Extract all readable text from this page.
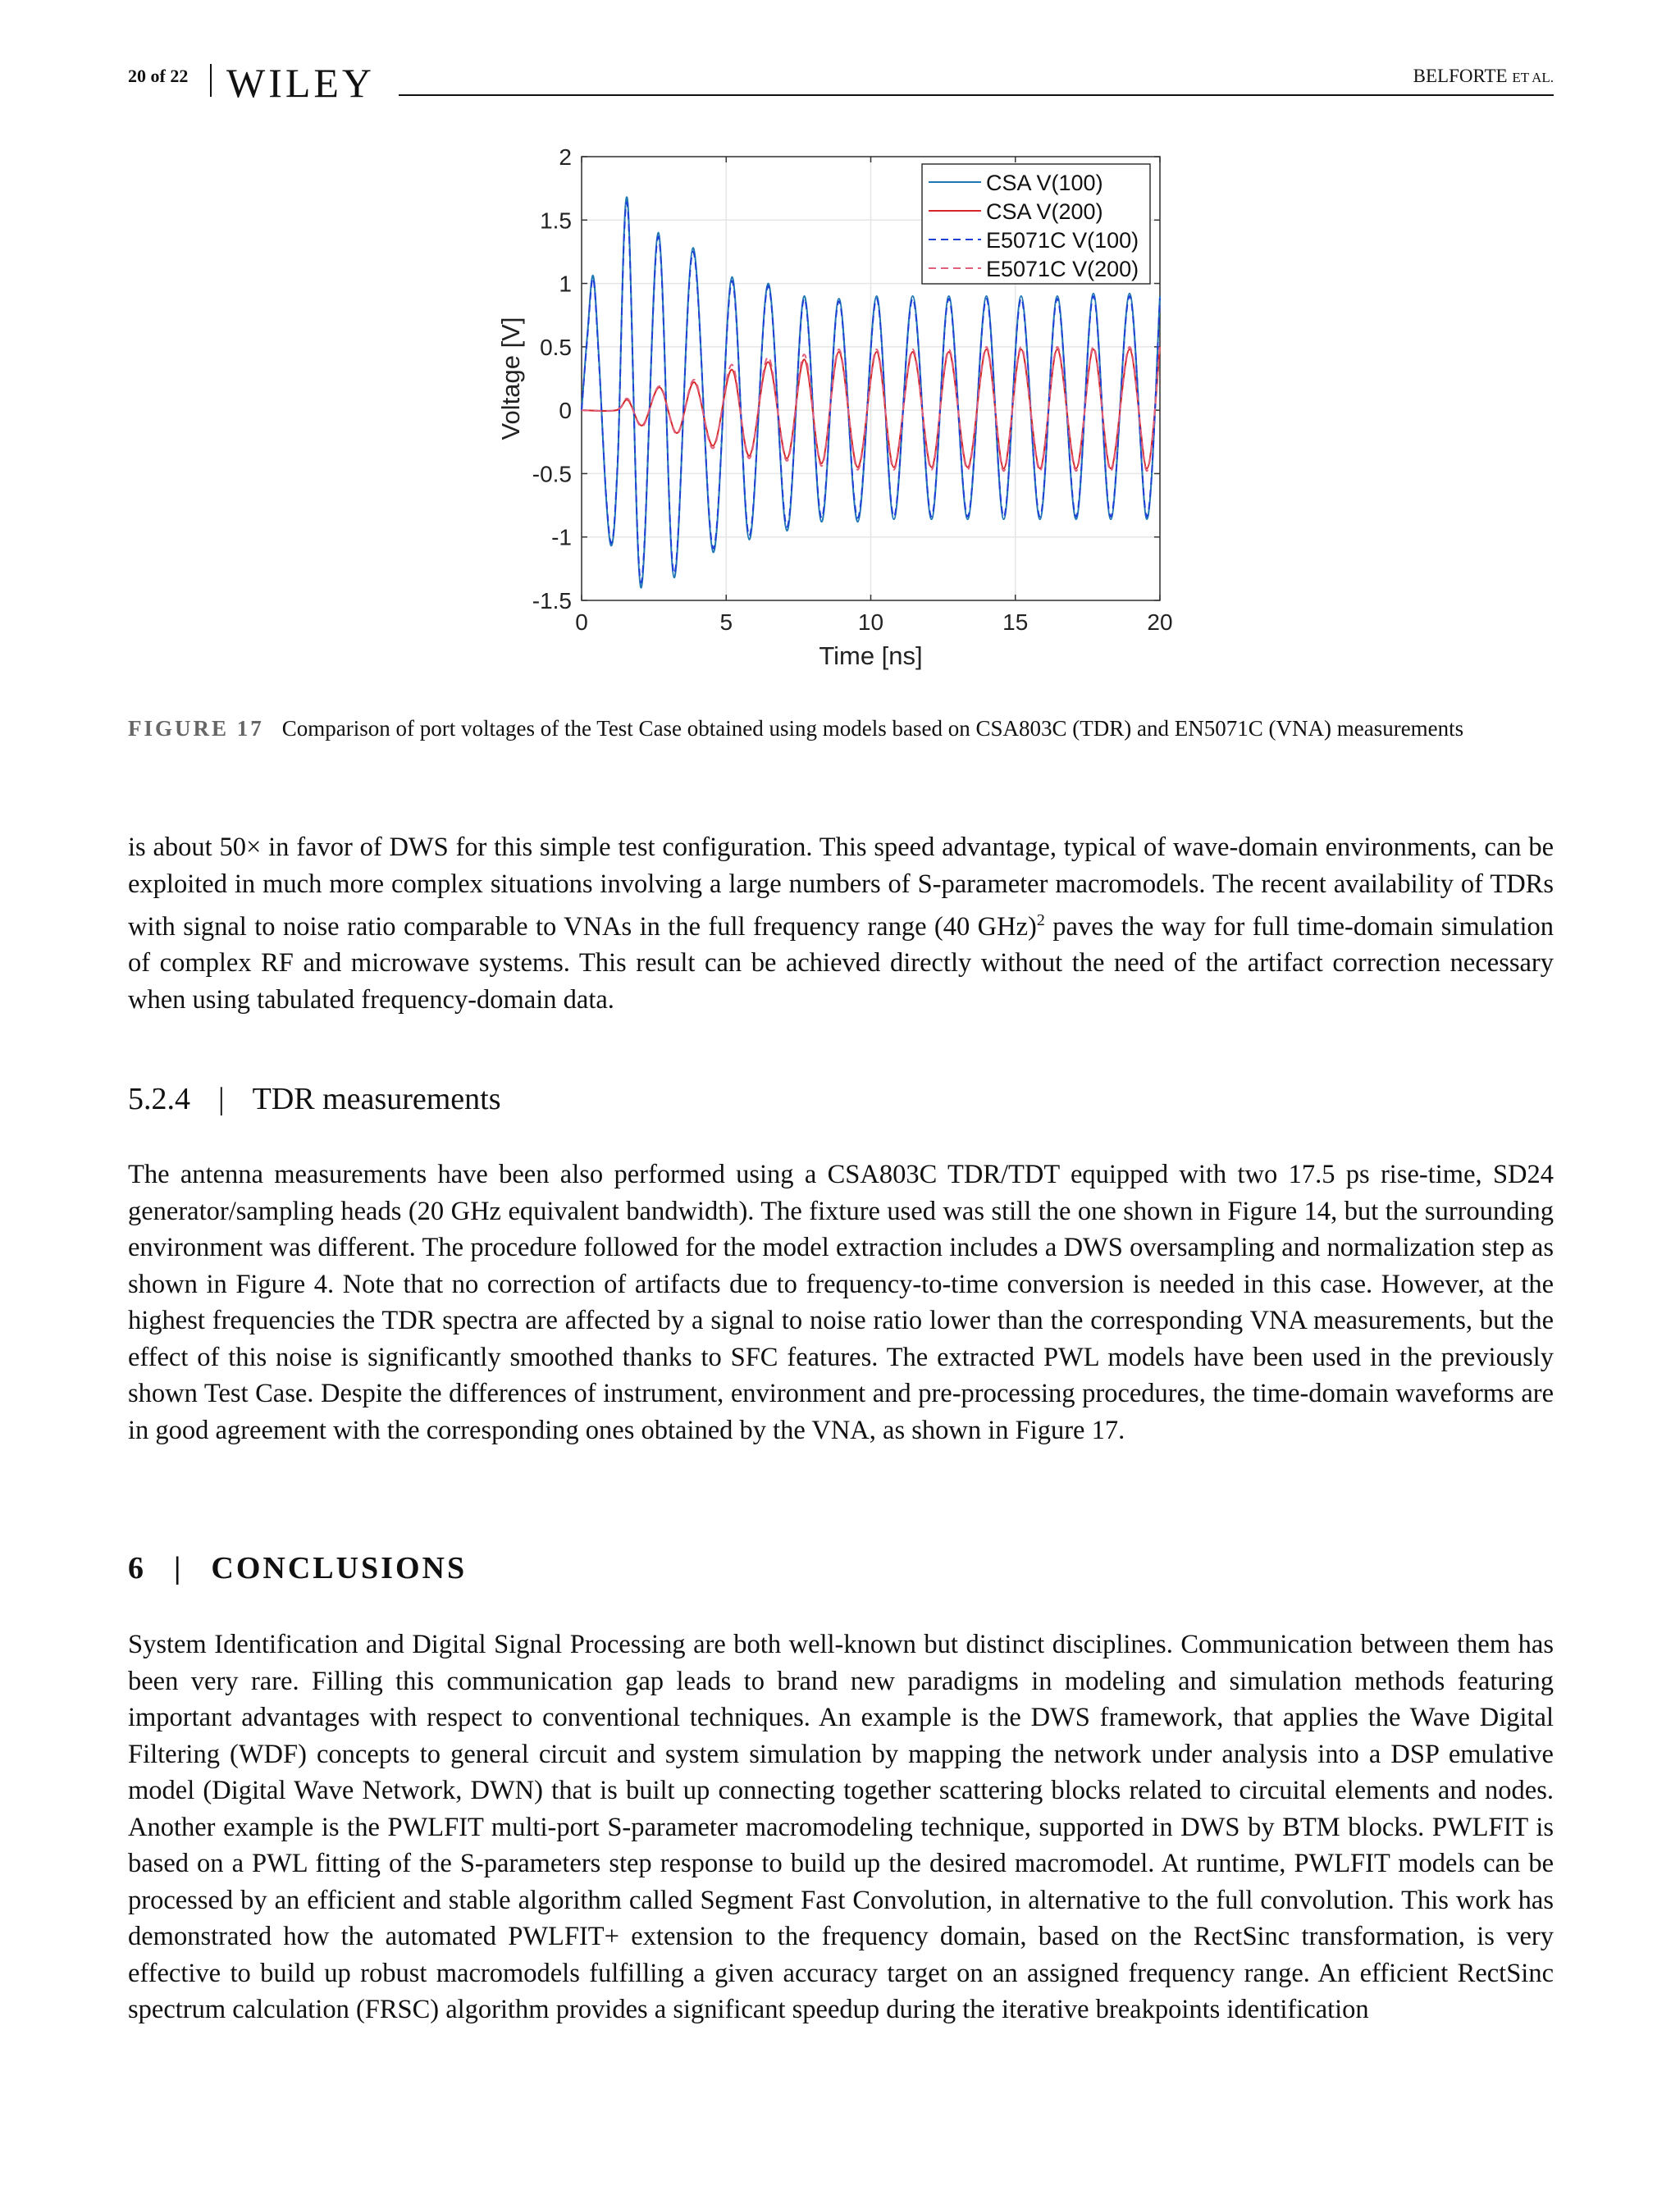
20 of 22 WILEY	BELFORTE ET AL.
0	5	10	15	20
-1.5
-1
-0.5
0
0.5
1
1.5
2
Time [ns]
Voltage [V]
CSA V(100)
CSA V(200)
E5071C V(100)
E5071C V(200)
FIGURE 17 Comparison of port voltages of the Test Case obtained using models based on CSA803C (TDR) and EN5071C (VNA) measurements
is about 50× in favor of DWS for this simple test configuration. This speed advantage, typical of wave-domain environments, can be exploited in much more complex situations involving a large numbers of S-parameter macromodels. The recent availability of TDRs with signal to noise ratio comparable to VNAs in the full frequency range (40 GHz)$^2$ paves the way for full time-domain simulation of complex RF and microwave systems. This result can be achieved directly without the need of the artifact correction necessary when using tabulated frequency-domain data.
5.2.4 | TDR measurements
The antenna measurements have been also performed using a CSA803C TDR/TDT equipped with two 17.5 ps rise-time, SD24 generator/sampling heads (20 GHz equivalent bandwidth). The fixture used was still the one shown in Figure 14, but the surrounding environment was different. The procedure followed for the model extraction includes a DWS oversampling and normalization step as shown in Figure 4. Note that no correction of artifacts due to frequency-to-time conversion is needed in this case. However, at the highest frequencies the TDR spectra are affected by a signal to noise ratio lower than the corresponding VNA measurements, but the effect of this noise is significantly smoothed thanks to SFC features. The extracted PWL models have been used in the previously shown Test Case. Despite the differences of instrument, environment and pre-processing procedures, the time-domain waveforms are in good agreement with the corresponding ones obtained by the VNA, as shown in Figure 17.
6 | CONCLUSIONS
System Identification and Digital Signal Processing are both well-known but distinct disciplines. Communication between them has been very rare. Filling this communication gap leads to brand new paradigms in modeling and simulation methods featuring important advantages with respect to conventional techniques. An example is the DWS framework, that applies the Wave Digital Filtering (WDF) concepts to general circuit and system simulation by mapping the network under analysis into a DSP emulative model (Digital Wave Network, DWN) that is built up connecting together scattering blocks related to circuital elements and nodes. Another example is the PWLFIT multi-port S-parameter macromodeling technique, supported in DWS by BTM blocks. PWLFIT is based on a PWL fitting of the S-parameters step response to build up the desired macromodel. At runtime, PWLFIT models can be processed by an efficient and stable algorithm called Segment Fast Convolution, in alternative to the full convolution. This work has demonstrated how the automated PWLFIT+ extension to the frequency domain, based on the RectSinc transformation, is very effective to build up robust macromodels fulfilling a given accuracy target on an assigned frequency range. An efficient RectSinc spectrum calculation (FRSC) algorithm provides a significant speedup during the iterative breakpoints identification
